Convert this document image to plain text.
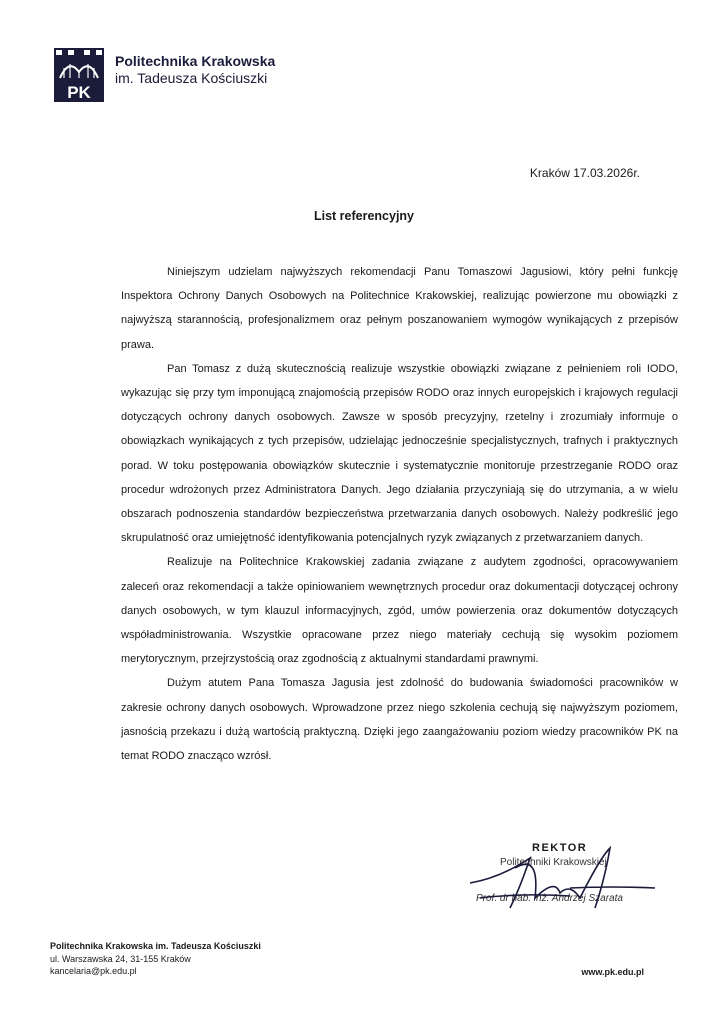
PK
Politechnika Krakowska
im. Tadeusza Kościuszki
Kraków 17.03.2026r.
List referencyjny

Niniejszym udzielam najwyższych rekomendacji Panu Tomaszowi Jagusiowi, który pełni funkcję Inspektora Ochrony Danych Osobowych na Politechnice Krakowskiej, realizując powierzone mu obowiązki z najwyższą starannością, profesjonalizmem oraz pełnym poszanowaniem wymogów wynikających z przepisów prawa.

Pan Tomasz z dużą skutecznością realizuje wszystkie obowiązki związane z pełnieniem roli IODO, wykazując się przy tym imponującą znajomością przepisów RODO oraz innych europejskich i krajowych regulacji dotyczących ochrony danych osobowych. Zawsze w sposób precyzyjny, rzetelny i zrozumiały informuje o obowiązkach wynikających z tych przepisów, udzielając jednocześnie specjalistycznych, trafnych i praktycznych porad. W toku postępowania obowiązków skutecznie i systematycznie monitoruje przestrzeganie RODO oraz procedur wdrożonych przez Administratora Danych. Jego działania przyczyniają się do utrzymania, a w wielu obszarach podnoszenia standardów bezpieczeństwa przetwarzania danych osobowych. Należy podkreślić jego skrupulatność oraz umiejętność identyfikowania potencjalnych ryzyk związanych z przetwarzaniem danych.

Realizuje na Politechnice Krakowskiej zadania związane z audytem zgodności, opracowywaniem zaleceń oraz rekomendacji a także opiniowaniem wewnętrznych procedur oraz dokumentacji dotyczącej ochrony danych osobowych, w tym klauzul informacyjnych, zgód, umów powierzenia oraz dokumentów dotyczących współadministrowania. Wszystkie opracowane przez niego materiały cechują się wysokim poziomem merytorycznym, przejrzystością oraz zgodnością z aktualnymi standardami prawnymi.

Dużym atutem Pana Tomasza Jagusia jest zdolność do budowania świadomości pracowników w zakresie ochrony danych osobowych. Wprowadzone przez niego szkolenia cechują się najwyższym poziomem, jasnością przekazu i dużą wartością praktyczną. Dzięki jego zaangażowaniu poziom wiedzy pracowników PK na temat RODO znacząco wzrósł.

REKTOR
Politechniki Krakowskiej
Prof. dr hab. inż. Andrzej Szarata
Politechnika Krakowska im. Tadeusza Kościuszki
ul. Warszawska 24, 31-155 Kraków
kancelaria@pk.edu.pl	www.pk.edu.pl
